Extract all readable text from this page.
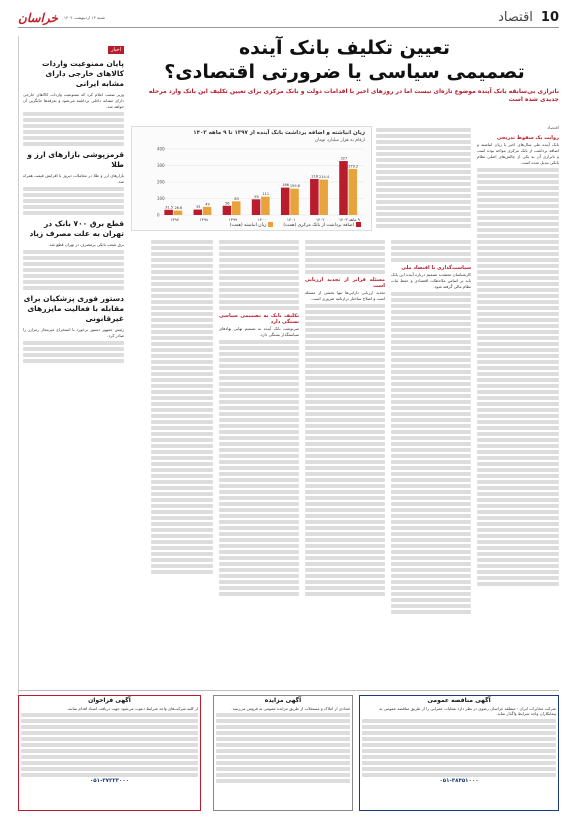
10
اقتصاد
شنبه ۱۳ اردیبهشت ۱۴۰۴
خراسان
تعیین تکلیف بانک آینده
تصمیمی سیاسی یا ضرورتی اقتصادی؟
ناترازی بی‌سابقه بانک آینده موضوع تازه‌ای نیست اما در روزهای اخیر با اقدامات دولت و بانک مرکزی برای تعیین تکلیف این بانک وارد مرحله جدیدی شده است
اخبار
پایان ممنوعیت واردات کالاهای خارجی دارای مشابه ایرانی
وزیر صمت اعلام کرد که ممنوعیت واردات کالاهای خارجی دارای مشابه داخلی برداشته می‌شود و تعرفه‌ها جایگزین آن خواهد شد.
قرمزپوشی بازارهای ارز و طلا
بازارهای ارز و طلا در معاملات دیروز با افزایش قیمت همراه شد.
قطع برق ۷۰۰ بانک در تهران به علت مصرف زیاد
برق شعب بانکی پرمصرف در تهران قطع شد.
دستور فوری پزشکیان برای مقابله با فعالیت مایزرهای غیرقانونی
رئیس جمهور دستور برخورد با استخراج غیرمجاز رمزارز را صادر کرد.
اقتصاد
روایت یک سقوط تدریجی
بانک آینده طی سال‌های اخیر با زیان انباشته و اضافه برداشت از بانک مرکزی مواجه بوده است و ناترازی آن به یکی از چالش‌های اصلی نظام بانکی تبدیل شده است.
زیان انباشته و اضافه برداشت بانک آینده از ۱۳۹۷ تا ۹ ماهه ۱۴۰۳
ارقام به هزار میلیارد تومان
0
100
200
300
400
31.5 26.6
۱۳۹۷
33
49
۱۳۹۸
56
83
۱۳۹۹
95
111
۱۴۰۰
166 159.6
۱۴۰۱
218 214.4
۱۴۰۲
327
279.2
۹ ماهه ۱۴۰۳
اضافه برداشت از بانک مرکزی (همت)
زیان انباشته (همت)
سیاست‌گذاری یا اقتصاد ملی
کارشناسان معتقدند تصمیم درباره آینده این بانک باید بر اساس ملاحظات اقتصادی و حفظ ثبات نظام مالی گرفته شود.
مسئله فراتر از تجدید ارزیابی است
تجدید ارزیابی دارایی‌ها تنها بخشی از مسئله است و اصلاح ساختار ترازنامه ضروری است.
تکلیف بانک به تصمیمی سیاسی بستگی دارد
سرنوشت بانک آینده به تصمیم نهایی نهادهای سیاستگذار بستگی دارد.
آگهی مناقصه عمومی
شرکت مخابرات ایران - منطقه خراسان رضوی در نظر دارد عملیات عمرانی را از طریق مناقصه عمومی به پیمانکاران واجد شرایط واگذار نماید.
۰۵۱-۳۸۴۵۱۰۰۰
آگهی مزایده
تعدادی از املاک و مستغلات از طریق مزایده عمومی به فروش می‌رسد.
آگهی فراخوان
از کلیه شرکت‌های واجد شرایط دعوت می‌شود جهت دریافت اسناد اقدام نمایند.
۰۵۱-۳۷۲۲۳۰۰۰
